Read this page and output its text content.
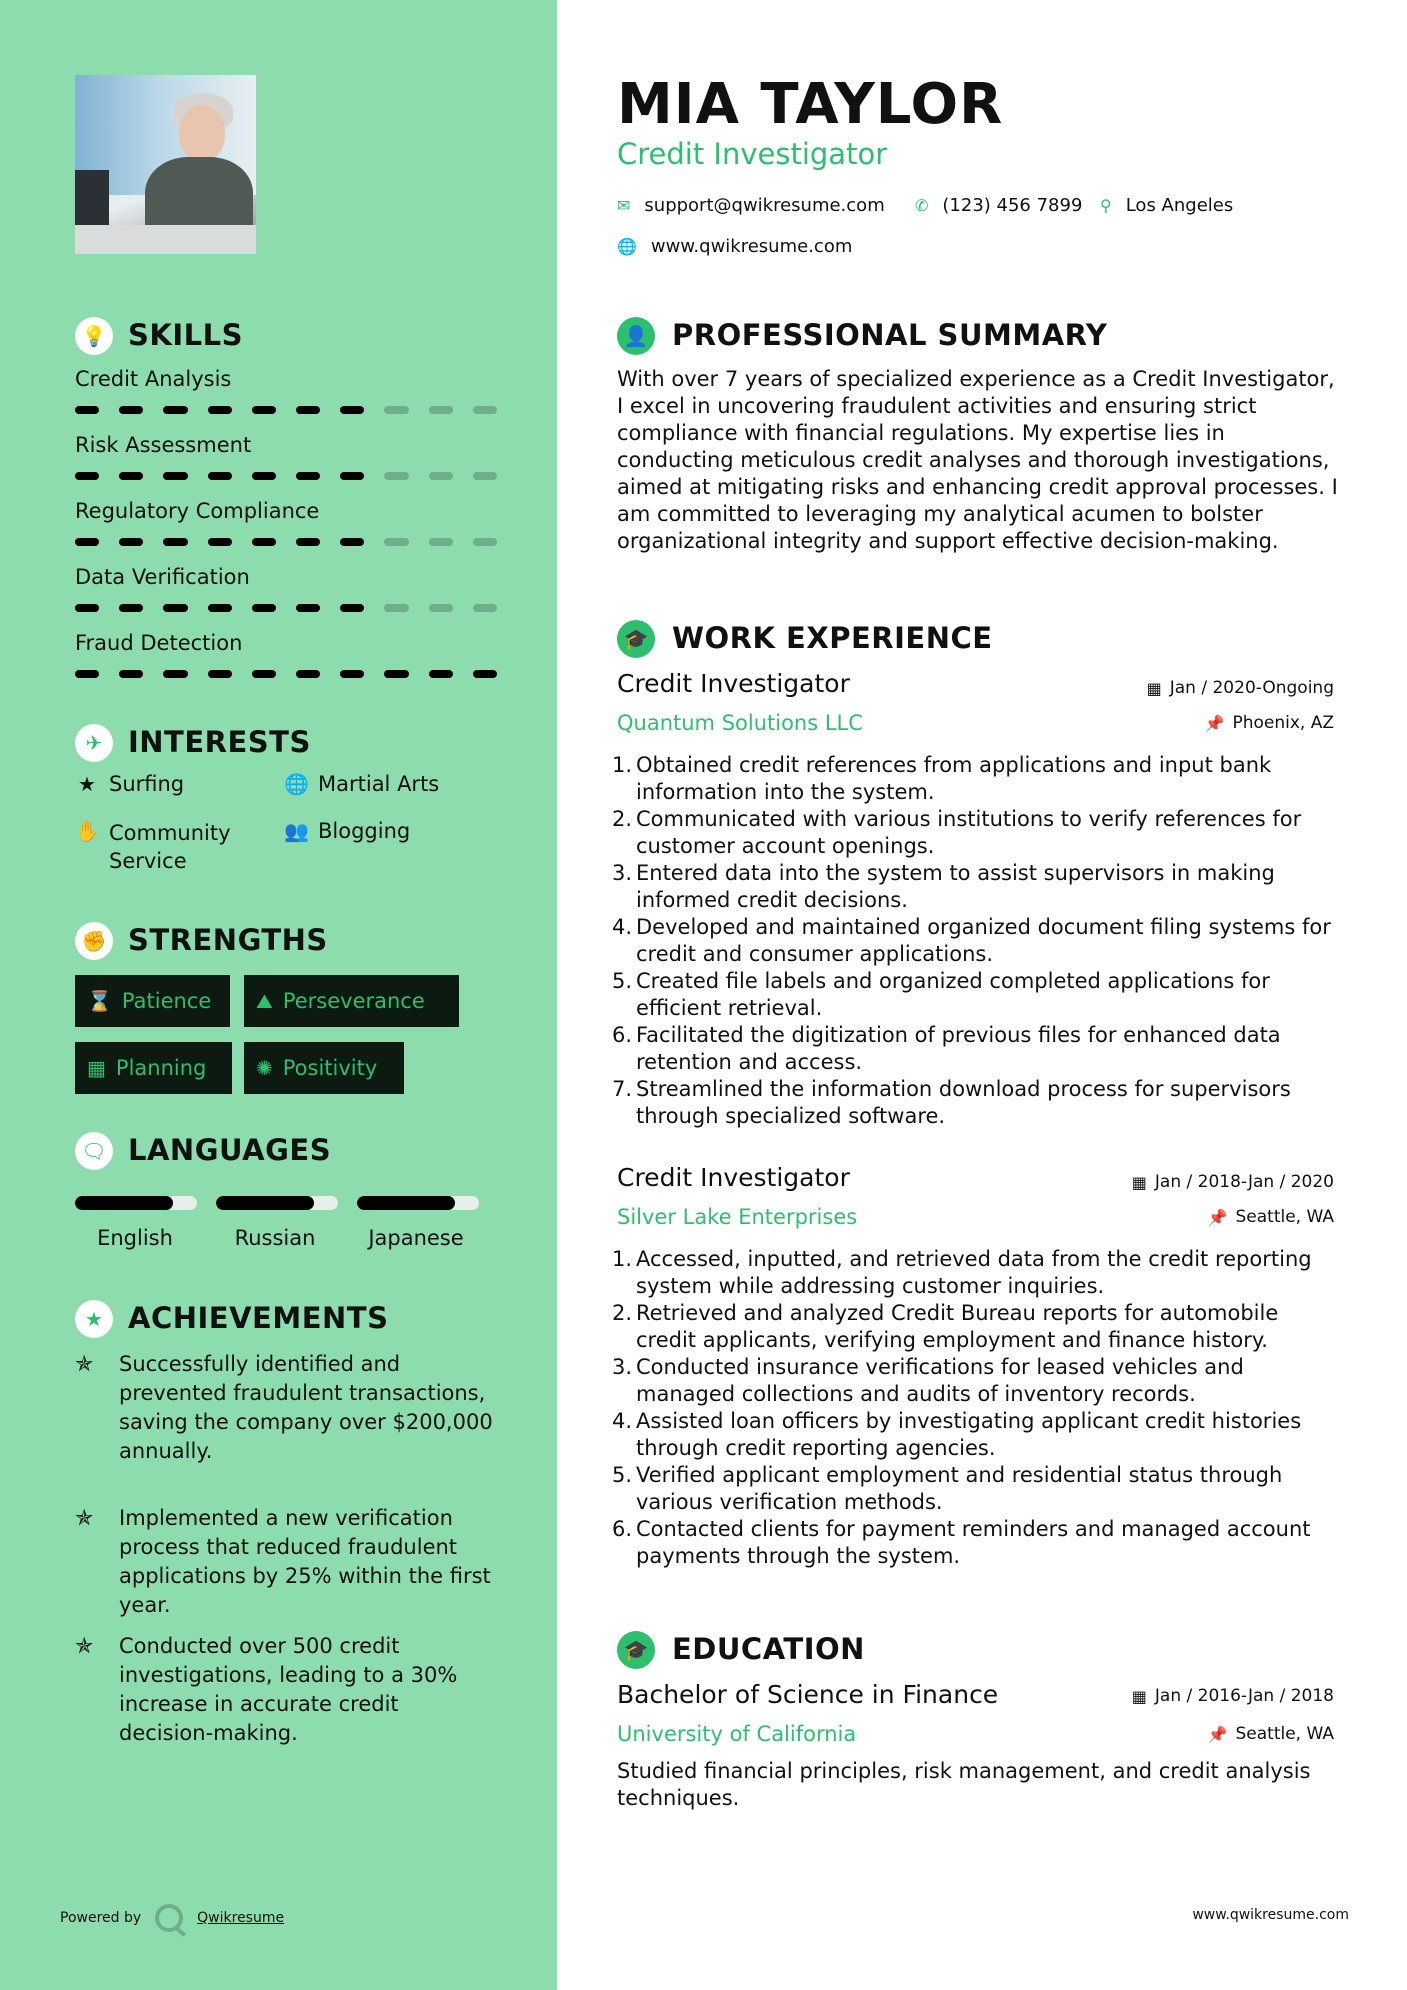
💡 SKILLS
Credit Analysis
Risk Assessment
Regulatory Compliance
Data Verification
Fraud Detection
✈ INTERESTS
★ Surfing	🌐 Martial Arts
✋ Community Service
👥 Blogging
✊ STRENGTHS
⌛ Patience ⛰ Perseverance
▦ Planning ✺ Positivity
🗨 LANGUAGES
English	Russian	Japanese
★ ACHIEVEMENTS
✯	Successfully identified and prevented fraudulent transactions, saving the company over $200,000 annually.
✯	Implemented a new verification process that reduced fraudulent applications by 25% within the first year.
✯	Conducted over 500 credit investigations, leading to a 30% increase in accurate credit decision-making.
Powered by	Qwikresume
MIA TAYLOR
Credit Investigator
✉ support@qwikresume.com ✆ (123) 456 7899 ⚲ Los Angeles
🌐 www.qwikresume.com
👤 PROFESSIONAL SUMMARY
With over 7 years of specialized experience as a Credit Investigator, I excel in uncovering fraudulent activities and ensuring strict compliance with financial regulations. My expertise lies in conducting meticulous credit analyses and thorough investigations, aimed at mitigating risks and enhancing credit approval processes. I am committed to leveraging my analytical acumen to bolster organizational integrity and support effective decision-making.
🎓 WORK EXPERIENCE
Credit Investigator	▦ Jan / 2020-Ongoing
Quantum Solutions LLC	📌 Phoenix, AZ
1. Obtained credit references from applications and input bank information into the system.
2. Communicated with various institutions to verify references for customer account openings.
3. Entered data into the system to assist supervisors in making informed credit decisions.
4. Developed and maintained organized document filing systems for credit and consumer applications.
5. Created file labels and organized completed applications for efficient retrieval.
6. Facilitated the digitization of previous files for enhanced data retention and access.
7. Streamlined the information download process for supervisors through specialized software.
Credit Investigator	▦ Jan / 2018-Jan / 2020
Silver Lake Enterprises	📌 Seattle, WA
1. Accessed, inputted, and retrieved data from the credit reporting system while addressing customer inquiries.
2. Retrieved and analyzed Credit Bureau reports for automobile credit applicants, verifying employment and finance history.
3. Conducted insurance verifications for leased vehicles and managed collections and audits of inventory records.
4. Assisted loan officers by investigating applicant credit histories through credit reporting agencies.
5. Verified applicant employment and residential status through various verification methods.
6. Contacted clients for payment reminders and managed account payments through the system.
🎓 EDUCATION
Bachelor of Science in Finance	▦ Jan / 2016-Jan / 2018
University of California	📌 Seattle, WA
Studied financial principles, risk management, and credit analysis techniques.
www.qwikresume.com
